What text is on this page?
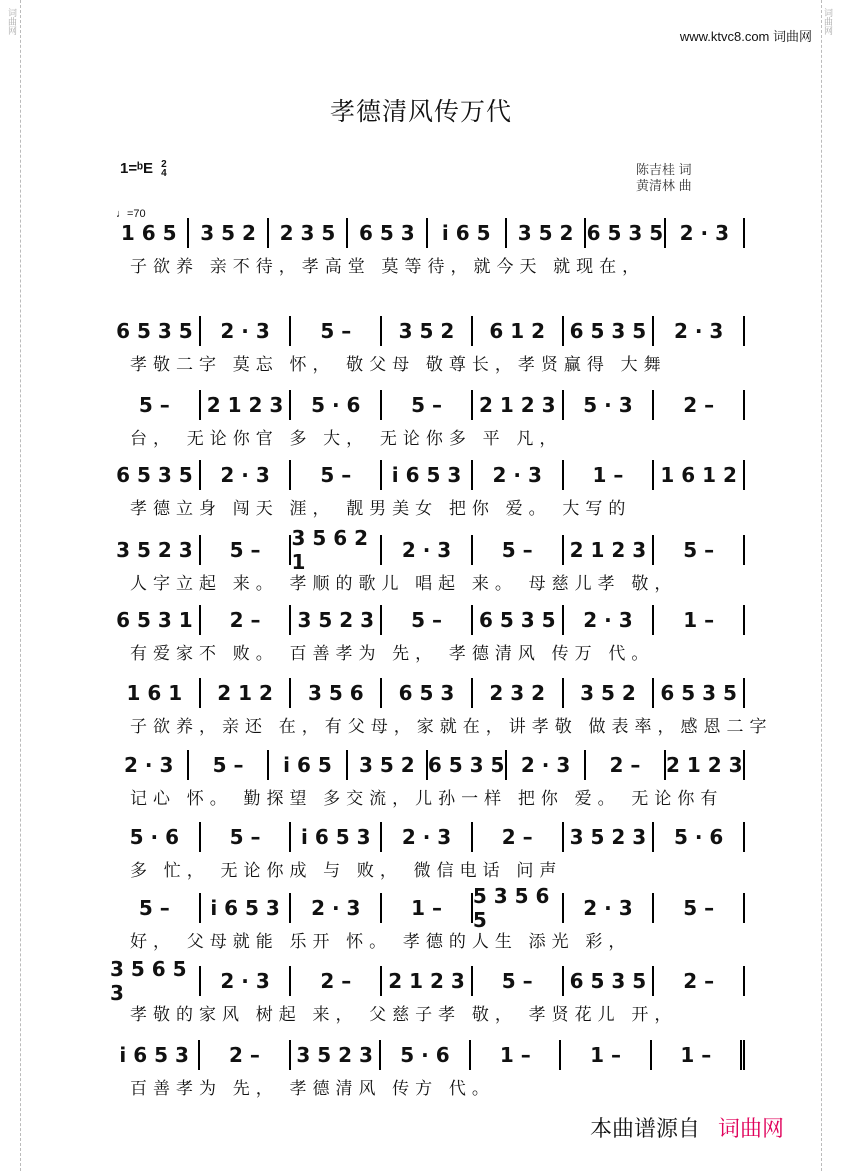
词曲网	词曲网
www.ktvc8.com 词曲网
孝德清风传万代
1=ᵇE 2
4	陈吉桂 词
黄清林 曲
♩=70
1 6 5 3 5 2 2 3 5 6 5 3 i 6 5 3 5 2 6 5 3 5 2 · 3
子欲养 亲不待，孝高堂 莫等待，就今天 就现在，
6 5 3 5 2 · 3	5 – 3 5 2 6 1 2 6 5 3 5 2 · 3
孝敬二字 莫忘 怀， 敬父母 敬尊长，孝贤赢得 大舞
5 – 2 1 2 3 5 · 6	5 – 2 1 2 3 5 · 3	2 –
台， 无论你官 多 大， 无论你多 平 凡，
6 5 3 5 2 · 3	5 – i 6 5 3 2 · 3	1 – 1 6 1 2
孝德立身 闯天 涯， 靓男美女 把你 爱。 大写的
3 5 2 3 5 – 3 5 6 2 1	2 · 3	5 – 2 1 2 3 5 –
人字立起 来。 孝顺的歌儿 唱起 来。 母慈儿孝 敬，
6 5 3 1 2 – 3 5 2 3 5 – 6 5 3 5 2 · 3	1 –
有爱家不 败。 百善孝为 先， 孝德清风 传万 代。
1 6 1 2 1 2 3 5 6 6 5 3 2 3 2 3 5 2 6 5 3 5
子欲养，亲还 在，有父母，家就在，讲孝敬 做表率，感恩二字
2 · 3 5 – i 6 5 3 5 2 6 5 3 5 2 · 3 2 – 2 1 2 3
记心 怀。 勤探望 多交流，儿孙一样 把你 爱。 无论你有
5 · 6	5 – i 6 5 3 2 · 3	2 – 3 5 2 3 5 · 6
多 忙， 无论你成 与 败， 微信电话 问声
5 – i 6 5 3 2 · 3	1 – 5 3 5 6 5	2 · 3	5 –
好， 父母就能 乐开 怀。 孝德的人生 添光 彩，
3 5 6 5 3	2 · 3	2 – 2 1 2 3 5 – 6 5 3 5 2 –
孝敬的家风 树起 来， 父慈子孝 敬， 孝贤花儿 开，
i 6 5 3 2 – 3 5 2 3 5 · 6	1 –	1 –	1 –
百善孝为 先， 孝德清风 传方 代。
本曲谱源自 词曲网
